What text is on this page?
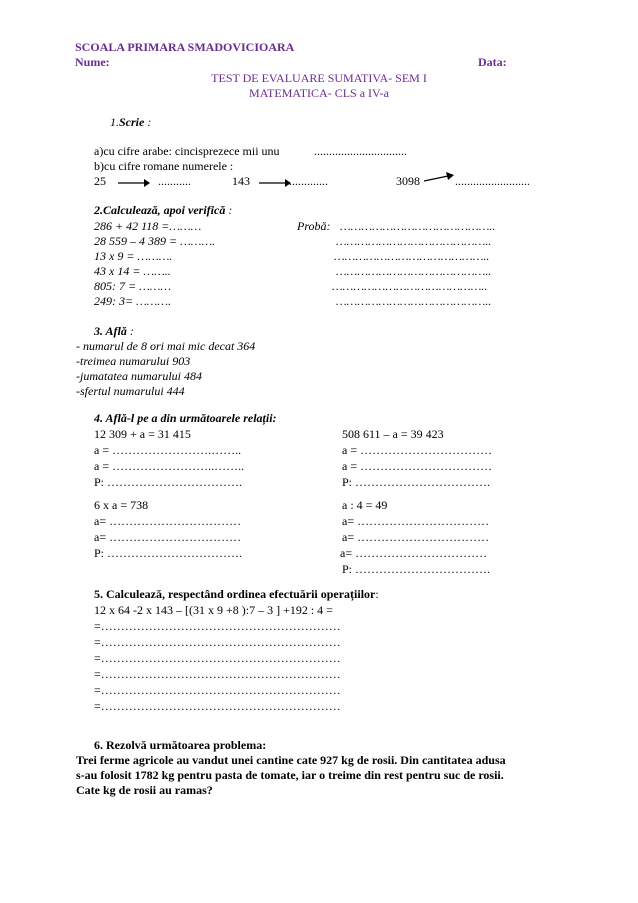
SCOALA PRIMARA SMADOVICIOARA
Nume:	Data:
TEST DE EVALUARE SUMATIVA- SEM I
MATEMATICA- CLS a IV-a
1.Scrie :
a)cu cifre arabe: cincisprezece mii unu	...............................
b)cu cifre romane numerele :
25	...........	143	..............	3098	.........................
2.Calculează, apoi verifică :
286 + 42 118 =………	Probă: ……………………………………..
28 559 – 4 389 = ……….	……………………………………..
13 x 9 = ……….	……………………………………..
43 x 14 = ……..	……………………………………..
805: 7 = ………	……………………………………..
249: 3= ……….	……………………………………..
3. Află :
- numarul de 8 ori mai mic decat 364
-treimea numarului 903
-jumatatea numarului 484
-sfertul numarului 444
4. Află-l pe a din următoarele relații:
12 309 + a = 31 415
a = …………………….……..
a = ……………………..……..
P: …………………………….
508 611 – a = 39 423
a = ……………………………
a = ……………………………
P: …………………………….
6 x a = 738
a= ……………………………
a= ……………………………
P: …………………………….
a : 4 = 49
a= ……………………………
a= ……………………………
a= ……………………………
P: …………………………….
5. Calculează, respectând ordinea efectuării operațiilor:
12 x 64 -2 x 143 – [(31 x 9 +8 ):7 – 3 ] +192 : 4 =
=……………………………………………………
=……………………………………………………
=……………………………………………………
=……………………………………………………
=……………………………………………………
=……………………………………………………
6. Rezolvă următoarea problema:
Trei ferme agricole au vandut unei cantine cate 927 kg de rosii. Din cantitatea adusa
s-au folosit 1782 kg pentru pasta de tomate, iar o treime din rest pentru suc de rosii.
Cate kg de rosii au ramas?
